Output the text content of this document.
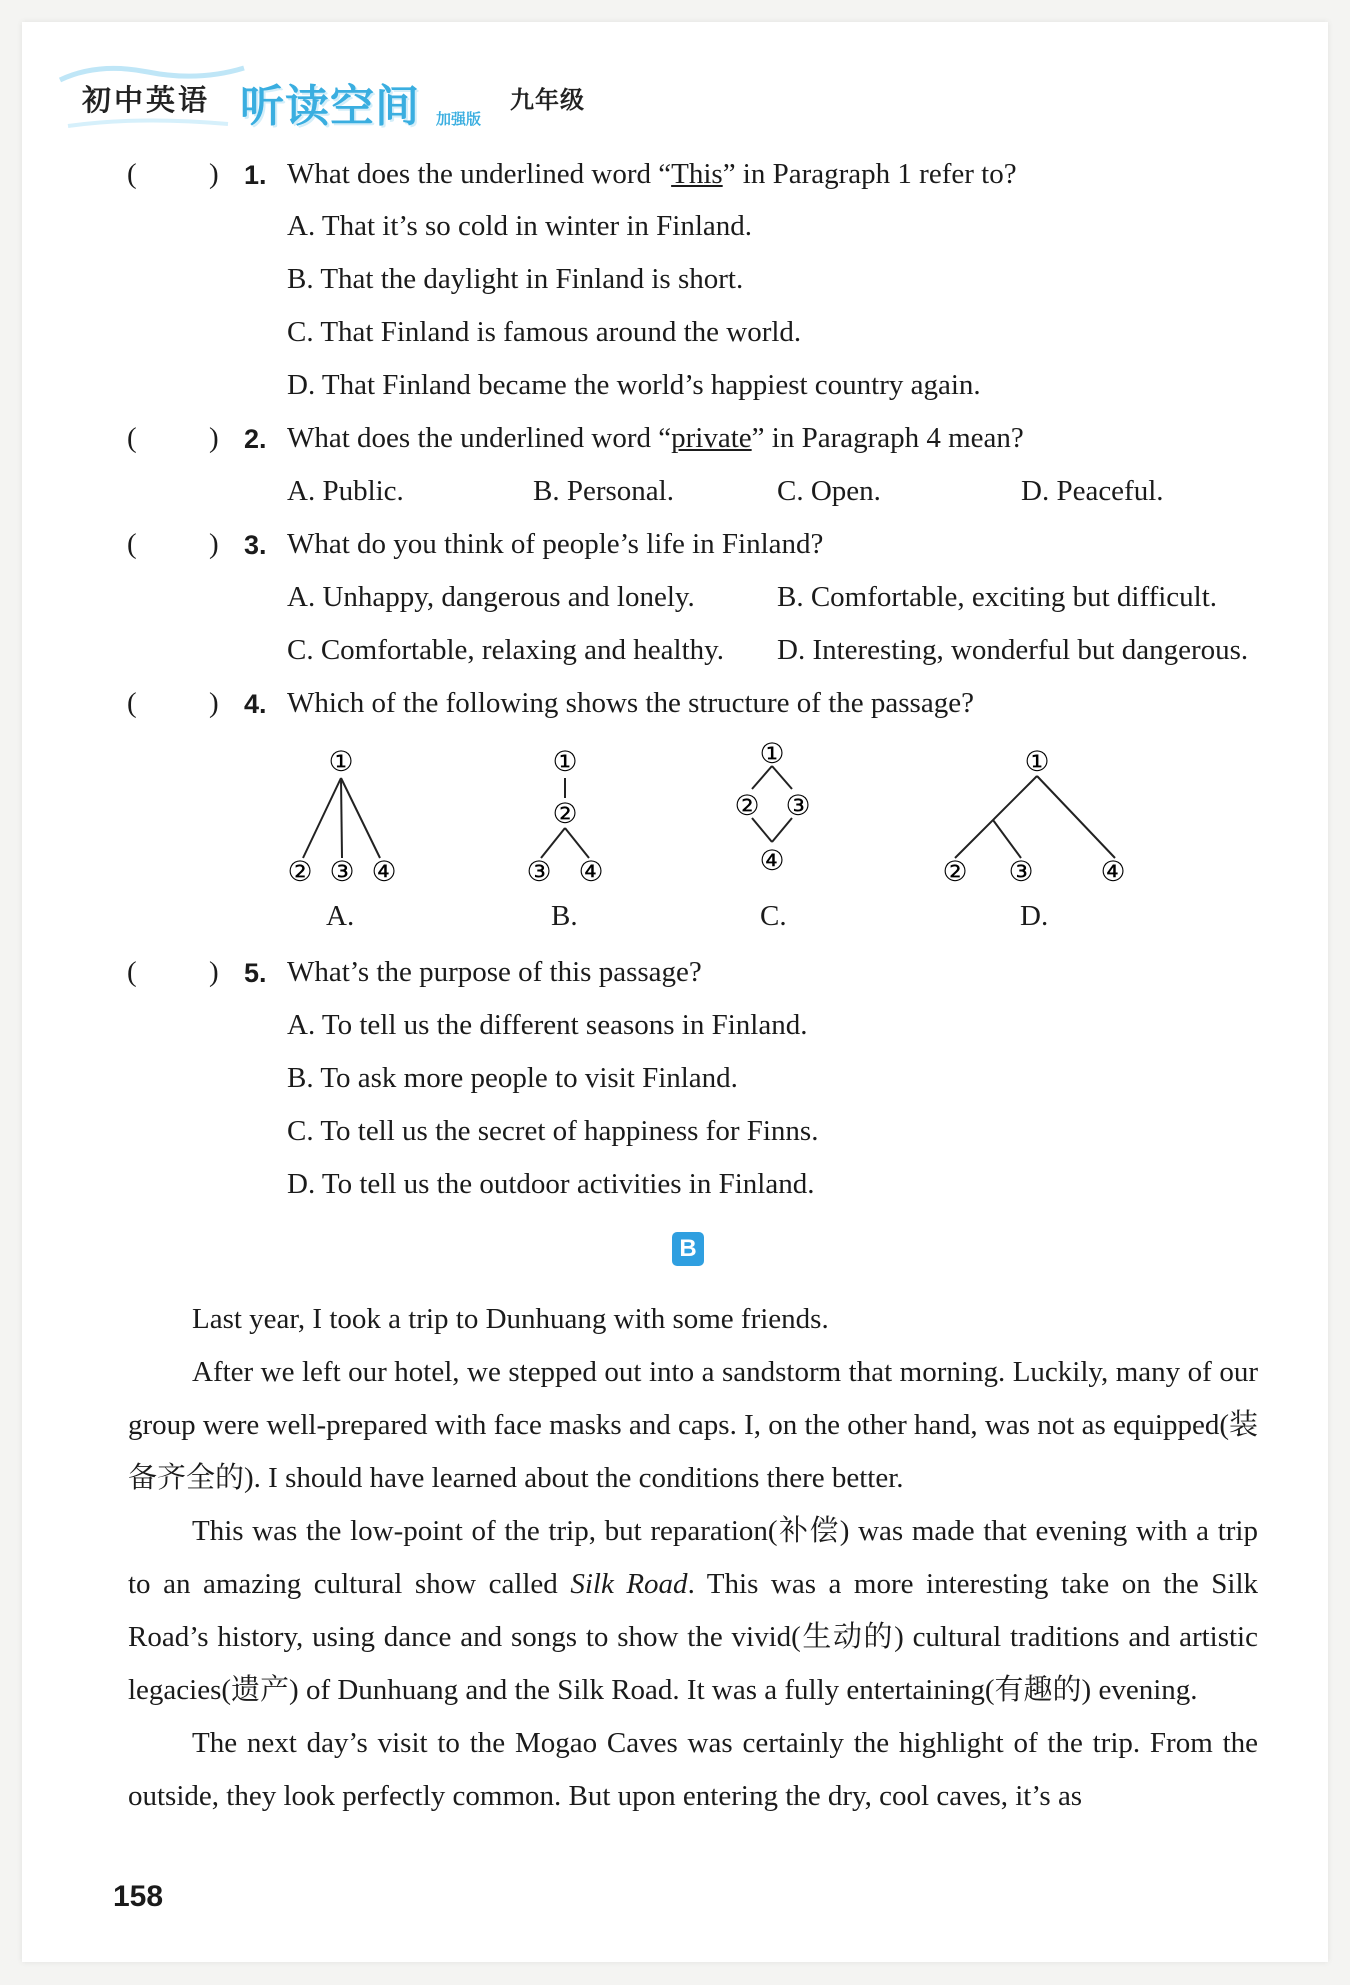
初中英语 听读空间 加强版
九年级
( ) 1. What does the underlined word “This” in Paragraph 1 refer to?
A. That it’s so cold in winter in Finland.
B. That the daylight in Finland is short.
C. That Finland is famous around the world.
D. That Finland became the world’s happiest country again.
( ) 2. What does the underlined word “private” in Paragraph 4 mean?
A. Public.	B. Personal.	C. Open.	D. Peaceful.
( ) 3. What do you think of people’s life in Finland?
A. Unhappy, dangerous and lonely.	B. Comfortable, exciting but difficult.
C. Comfortable, relaxing and healthy. D. Interesting, wonderful but dangerous.
( ) 4. Which of the following shows the structure of the passage?
①
② ③ ④
A.
①
②
③ ④
B.
①
② ③
④
C.
①
② ③ ④
D.
( ) 5. What’s the purpose of this passage?
A. To tell us the different seasons in Finland.
B. To ask more people to visit Finland.
C. To tell us the secret of happiness for Finns.
D. To tell us the outdoor activities in Finland.
B

Last year, I took a trip to Dunhuang with some friends.

After we left our hotel, we stepped out into a sandstorm that morning. Luckily, many of our group were well-prepared with face masks and caps. I, on the other hand, was not as equipped(装备齐全的). I should have learned about the conditions there better.

This was the low-point of the trip, but reparation(补偿) was made that evening with a trip to an amazing cultural show called Silk Road. This was a more interesting take on the Silk Road’s history, using dance and songs to show the vivid(生动的) cultural traditions and artistic legacies(遗产) of Dunhuang and the Silk Road. It was a fully entertaining(有趣的) evening.

The next day’s visit to the Mogao Caves was certainly the highlight of the trip. From the outside, they look perfectly common. But upon entering the dry, cool caves, it’s as

158
